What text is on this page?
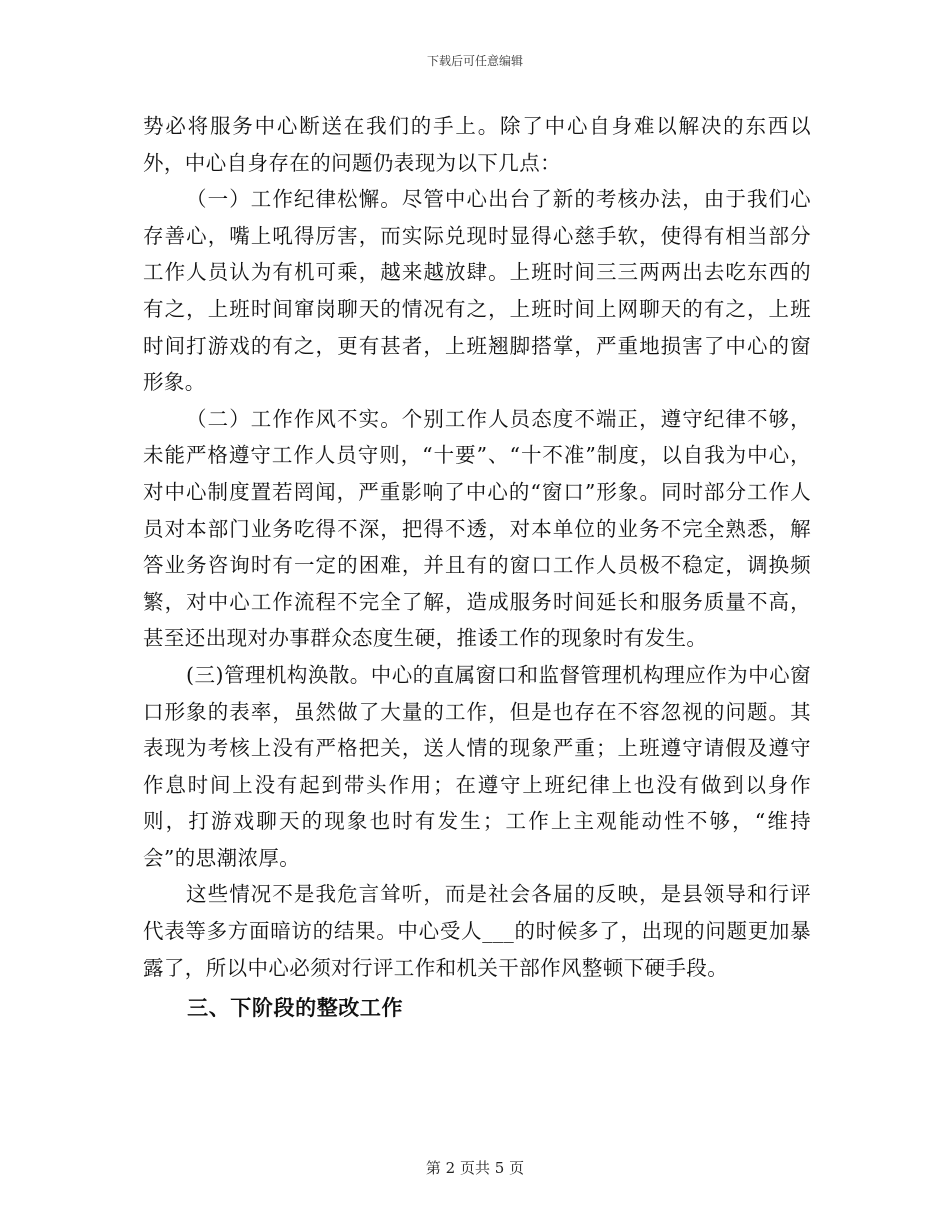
下载后可任意编辑

势必将服务中心断送在我们的手上。除了中心自身难以解决的东西以外，中心自身存在的问题仍表现为以下几点：

（一）工作纪律松懈。尽管中心出台了新的考核办法，由于我们心存善心，嘴上吼得厉害，而实际兑现时显得心慈手软，使得有相当部分工作人员认为有机可乘，越来越放肆。上班时间三三两两出去吃东西的有之，上班时间窜岗聊天的情况有之，上班时间上网聊天的有之，上班时间打游戏的有之，更有甚者，上班翘脚搭掌，严重地损害了中心的窗形象。

（二）工作作风不实。个别工作人员态度不端正，遵守纪律不够，未能严格遵守工作人员守则，“十要”、“十不准”制度，以自我为中心，对中心制度置若罔闻，严重影响了中心的“窗口”形象。同时部分工作人员对本部门业务吃得不深，把得不透，对本单位的业务不完全熟悉，解答业务咨询时有一定的困难，并且有的窗口工作人员极不稳定，调换频繁，对中心工作流程不完全了解，造成服务时间延长和服务质量不高，甚至还出现对办事群众态度生硬，推诿工作的现象时有发生。

(三)管理机构涣散。中心的直属窗口和监督管理机构理应作为中心窗口形象的表率，虽然做了大量的工作，但是也存在不容忽视的问题。其表现为考核上没有严格把关，送人情的现象严重；上班遵守请假及遵守作息时间上没有起到带头作用；在遵守上班纪律上也没有做到以身作则，打游戏聊天的现象也时有发生；工作上主观能动性不够，“维持会”的思潮浓厚。

这些情况不是我危言耸听，而是社会各届的反映，是县领导和行评代表等多方面暗访的结果。中心受人___的时候多了，出现的问题更加暴露了，所以中心必须对行评工作和机关干部作风整顿下硬手段。

三、下阶段的整改工作

第 2 页共 5 页
